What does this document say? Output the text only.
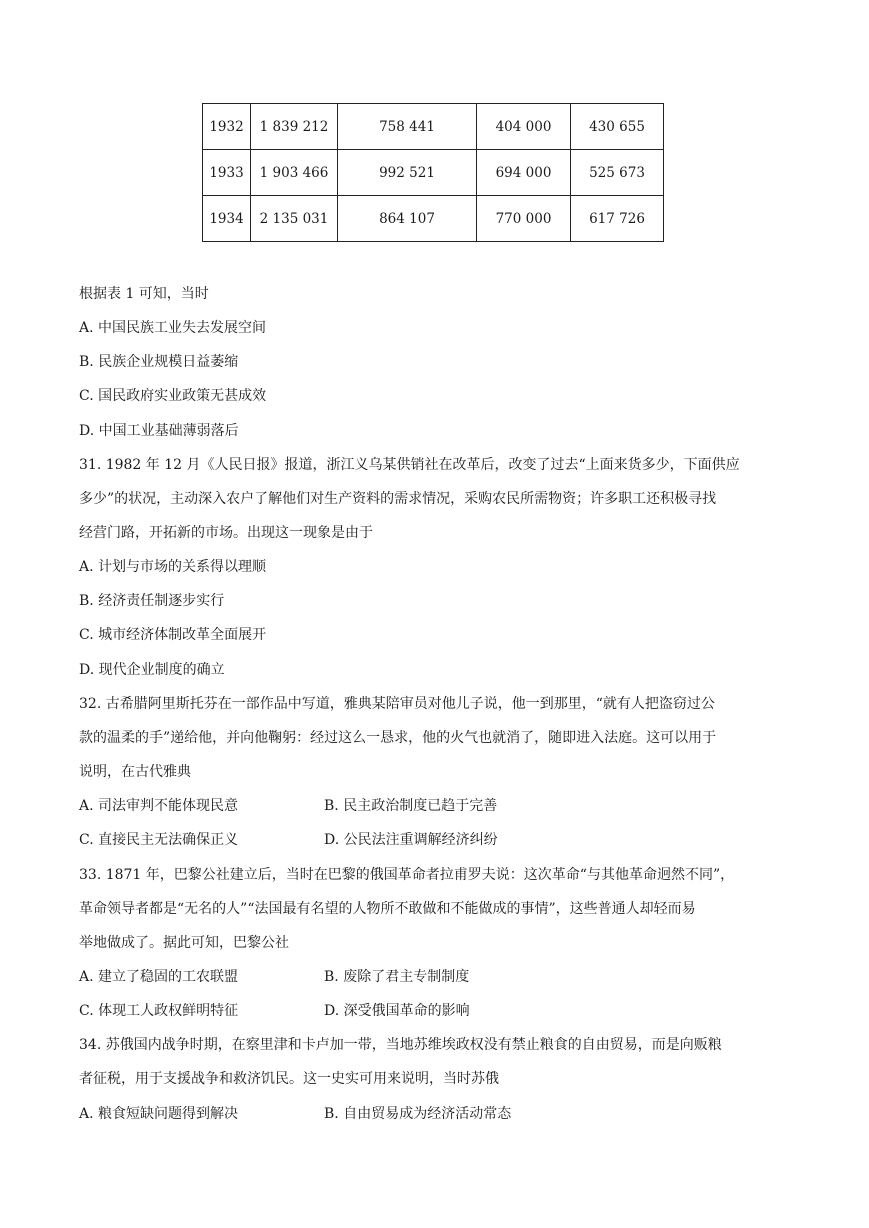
1932	1 839 212	758 441	404 000	430 655
1933	1 903 466	992 521	694 000	525 673
1934	2 135 031	864 107	770 000	617 726
根据表 1 可知，当时
A. 中国民族工业失去发展空间
B. 民族企业规模日益萎缩
C. 国民政府实业政策无甚成效
D. 中国工业基础薄弱落后
31. 1982 年 12 月《人民日报》报道，浙江义乌某供销社在改革后，改变了过去“上面来货多少，下面供应
多少”的状况，主动深入农户了解他们对生产资料的需求情况，采购农民所需物资；许多职工还积极寻找
经营门路，开拓新的市场。出现这一现象是由于
A. 计划与市场的关系得以理顺
B. 经济责任制逐步实行
C. 城市经济体制改革全面展开
D. 现代企业制度的确立
32. 古希腊阿里斯托芬在一部作品中写道，雅典某陪审员对他儿子说，他一到那里，“就有人把盗窃过公
款的温柔的手”递给他，并向他鞠躬：经过这么一恳求，他的火气也就消了，随即进入法庭。这可以用于
说明，在古代雅典
A. 司法审判不能体现民意	B. 民主政治制度已趋于完善
C. 直接民主无法确保正义	D. 公民法注重调解经济纠纷
33. 1871 年，巴黎公社建立后，当时在巴黎的俄国革命者拉甫罗夫说：这次革命“与其他革命迥然不同”，
革命领导者都是“无名的人”“法国最有名望的人物所不敢做和不能做成的事情”，这些普通人却轻而易
举地做成了。据此可知，巴黎公社
A. 建立了稳固的工农联盟	B. 废除了君主专制制度
C. 体现工人政权鲜明特征	D. 深受俄国革命的影响
34. 苏俄国内战争时期，在察里津和卡卢加一带，当地苏维埃政权没有禁止粮食的自由贸易，而是向贩粮
者征税，用于支援战争和救济饥民。这一史实可用来说明，当时苏俄
A. 粮食短缺问题得到解决	B. 自由贸易成为经济活动常态
